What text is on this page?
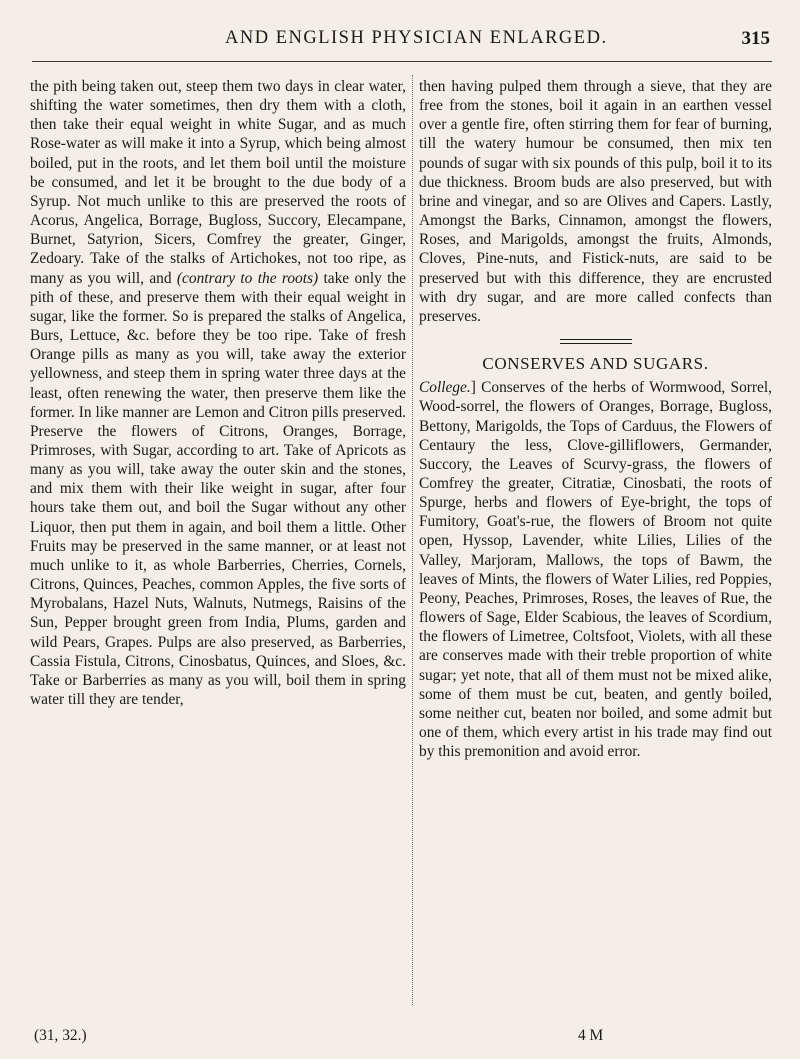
AND ENGLISH PHYSICIAN ENLARGED.	315

the pith being taken out, steep them two days in clear water, shifting the water sometimes, then dry them with a cloth, then take their equal weight in white Sugar, and as much Rose-water as will make it into a Syrup, which being almost boiled, put in the roots, and let them boil until the moisture be consumed, and let it be brought to the due body of a Syrup. Not much unlike to this are preserved the roots of Acorus, Angelica, Borrage, Bugloss, Succory, Elecampane, Burnet, Satyrion, Sicers, Comfrey the greater, Ginger, Zedoary. Take of the stalks of Artichokes, not too ripe, as many as you will, and (contrary to the roots) take only the pith of these, and preserve them with their equal weight in sugar, like the former. So is prepared the stalks of Angelica, Burs, Lettuce, &c. before they be too ripe. Take of fresh Orange pills as many as you will, take away the exterior yellowness, and steep them in spring water three days at the least, often renewing the water, then preserve them like the former. In like manner are Lemon and Citron pills preserved. Preserve the flowers of Citrons, Oranges, Borrage, Primroses, with Sugar, according to art. Take of Apricots as many as you will, take away the outer skin and the stones, and mix them with their like weight in sugar, after four hours take them out, and boil the Sugar without any other Liquor, then put them in again, and boil them a little. Other Fruits may be preserved in the same manner, or at least not much unlike to it, as whole Barberries, Cherries, Cornels, Citrons, Quinces, Peaches, common Apples, the five sorts of Myrobalans, Hazel Nuts, Walnuts, Nutmegs, Raisins of the Sun, Pepper brought green from India, Plums, garden and wild Pears, Grapes. Pulps are also preserved, as Barberries, Cassia Fistula, Citrons, Cinosbatus, Quinces, and Sloes, &c. Take or Barberries as many as you will, boil them in spring water till they are tender,

then having pulped them through a sieve, that they are free from the stones, boil it again in an earthen vessel over a gentle fire, often stirring them for fear of burning, till the watery humour be consumed, then mix ten pounds of sugar with six pounds of this pulp, boil it to its due thickness. Broom buds are also preserved, but with brine and vinegar, and so are Olives and Capers. Lastly, Amongst the Barks, Cinnamon, amongst the flowers, Roses, and Marigolds, amongst the fruits, Almonds, Cloves, Pine-nuts, and Fistick-nuts, are said to be preserved but with this difference, they are encrusted with dry sugar, and are more called confects than preserves.

CONSERVES AND SUGARS.

College.] Conserves of the herbs of Wormwood, Sorrel, Wood-sorrel, the flowers of Oranges, Borrage, Bugloss, Bettony, Marigolds, the Tops of Carduus, the Flowers of Centaury the less, Clove-gilliflowers, Germander, Succory, the Leaves of Scurvy-grass, the flowers of Comfrey the greater, Citratiæ, Cinosbati, the roots of Spurge, herbs and flowers of Eye-bright, the tops of Fumitory, Goat's-rue, the flowers of Broom not quite open, Hyssop, Lavender, white Lilies, Lilies of the Valley, Marjoram, Mallows, the tops of Bawm, the leaves of Mints, the flowers of Water Lilies, red Poppies, Peony, Peaches, Primroses, Roses, the leaves of Rue, the flowers of Sage, Elder Scabious, the leaves of Scordium, the flowers of Limetree, Coltsfoot, Violets, with all these are conserves made with their treble proportion of white sugar; yet note, that all of them must not be mixed alike, some of them must be cut, beaten, and gently boiled, some neither cut, beaten nor boiled, and some admit but one of them, which every artist in his trade may find out by this premonition and avoid error.

(31, 32.)	4 M
